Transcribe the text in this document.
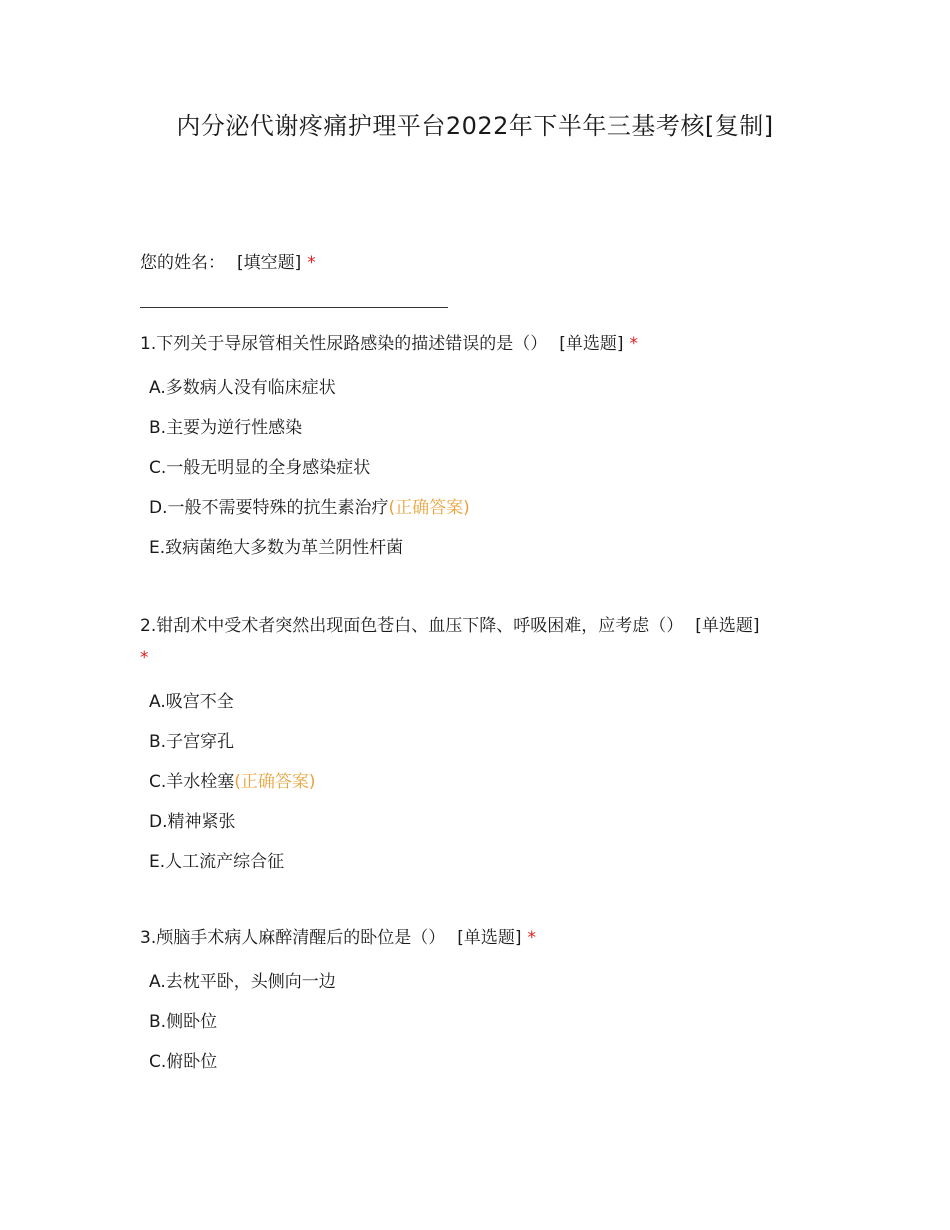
内分泌代谢疼痛护理平台2022年下半年三基考核[复制]
您的姓名： [填空题] *
1.下列关于导尿管相关性尿路感染的描述错误的是（） [单选题] *
A.多数病人没有临床症状
B.主要为逆行性感染
C.一般无明显的全身感染症状
D.一般不需要特殊的抗生素治疗(正确答案)
E.致病菌绝大多数为革兰阴性杆菌
2.钳刮术中受术者突然出现面色苍白、血压下降、呼吸困难，应考虑（） [单选题]
*
A.吸宫不全
B.子宫穿孔
C.羊水栓塞(正确答案)
D.精神紧张
E.人工流产综合征
3.颅脑手术病人麻醉清醒后的卧位是（） [单选题] *
A.去枕平卧，头侧向一边
B.侧卧位
C.俯卧位
